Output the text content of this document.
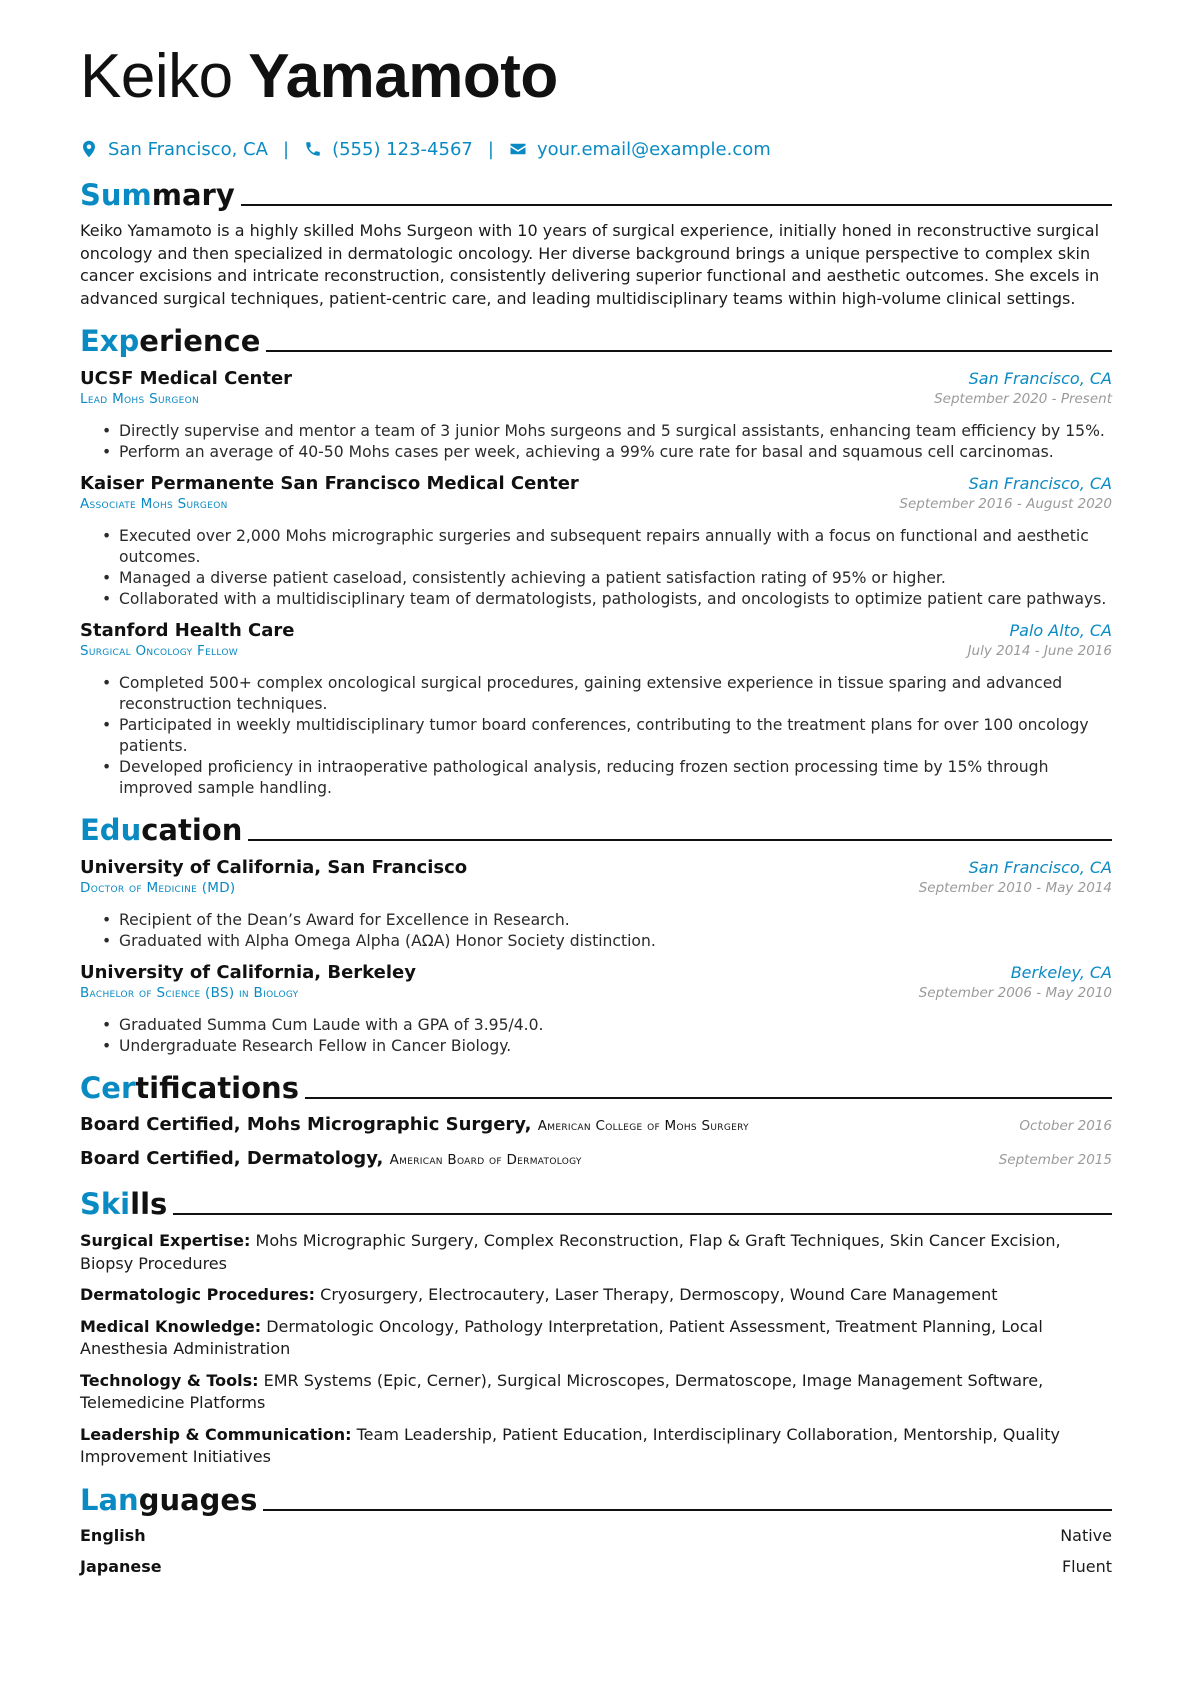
Keiko Yamamoto
San Francisco, CA | (555) 123-4567 | your.email@example.com
Summary
Keiko Yamamoto is a highly skilled Mohs Surgeon with 10 years of surgical experience, initially honed in reconstructive surgical oncology and then specialized in dermatologic oncology. Her diverse background brings a unique perspective to complex skin cancer excisions and intricate reconstruction, consistently delivering superior functional and aesthetic outcomes. She excels in advanced surgical techniques, patient-centric care, and leading multidisciplinary teams within high-volume clinical settings.
Experience
UCSF Medical Center	San Francisco, CA
Lead Mohs Surgeon	September 2020 - Present
• Directly supervise and mentor a team of 3 junior Mohs surgeons and 5 surgical assistants, enhancing team efficiency by 15%.
• Perform an average of 40-50 Mohs cases per week, achieving a 99% cure rate for basal and squamous cell carcinomas.
Kaiser Permanente San Francisco Medical Center	San Francisco, CA
Associate Mohs Surgeon	September 2016 - August 2020
• Executed over 2,000 Mohs micrographic surgeries and subsequent repairs annually with a focus on functional and aesthetic outcomes.
• Managed a diverse patient caseload, consistently achieving a patient satisfaction rating of 95% or higher.
• Collaborated with a multidisciplinary team of dermatologists, pathologists, and oncologists to optimize patient care pathways.
Stanford Health Care	Palo Alto, CA
Surgical Oncology Fellow	July 2014 - June 2016
• Completed 500+ complex oncological surgical procedures, gaining extensive experience in tissue sparing and advanced reconstruction techniques.
• Participated in weekly multidisciplinary tumor board conferences, contributing to the treatment plans for over 100 oncology patients.
• Developed proficiency in intraoperative pathological analysis, reducing frozen section processing time by 15% through improved sample handling.
Education
University of California, San Francisco	San Francisco, CA
Doctor of Medicine (MD)	September 2010 - May 2014
• Recipient of the Dean’s Award for Excellence in Research.
• Graduated with Alpha Omega Alpha (ΑΩΑ) Honor Society distinction.
University of California, Berkeley	Berkeley, CA
Bachelor of Science (BS) in Biology	September 2006 - May 2010
• Graduated Summa Cum Laude with a GPA of 3.95/4.0.
• Undergraduate Research Fellow in Cancer Biology.
Certifications
Board Certified, Mohs Micrographic Surgery, American College of Mohs Surgery	October 2016
Board Certified, Dermatology, American Board of Dermatology	September 2015
Skills
Surgical Expertise: Mohs Micrographic Surgery, Complex Reconstruction, Flap & Graft Techniques, Skin Cancer Excision, Biopsy Procedures
Dermatologic Procedures: Cryosurgery, Electrocautery, Laser Therapy, Dermoscopy, Wound Care Management
Medical Knowledge: Dermatologic Oncology, Pathology Interpretation, Patient Assessment, Treatment Planning, Local Anesthesia Administration
Technology & Tools: EMR Systems (Epic, Cerner), Surgical Microscopes, Dermatoscope, Image Management Software, Telemedicine Platforms
Leadership & Communication: Team Leadership, Patient Education, Interdisciplinary Collaboration, Mentorship, Quality Improvement Initiatives
Languages
English	Native
Japanese	Fluent
